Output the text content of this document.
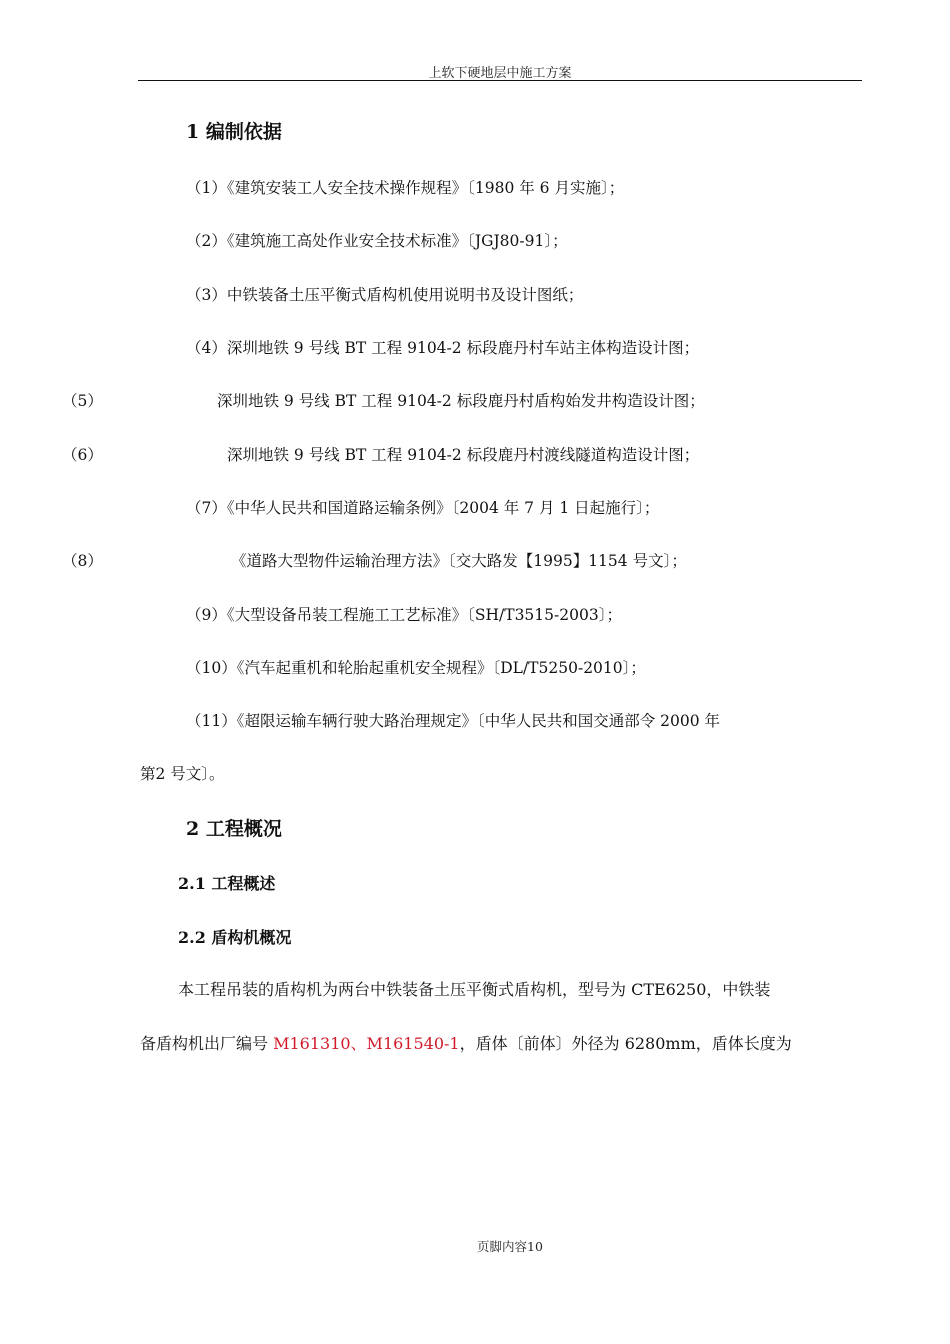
上软下硬地层中施工方案
1 编制依据
（1）《建筑安装工人安全技术操作规程》〔1980 年 6 月实施〕；
（2）《建筑施工高处作业安全技术标准》〔JGJ80-91〕；
（3）中铁装备土压平衡式盾构机使用说明书及设计图纸；
（4）深圳地铁 9 号线 BT 工程 9104-2 标段鹿丹村车站主体构造设计图；
（5）	深圳地铁 9 号线 BT 工程 9104-2 标段鹿丹村盾构始发井构造设计图；
（6）	深圳地铁 9 号线 BT 工程 9104-2 标段鹿丹村渡线隧道构造设计图；
（7）《中华人民共和国道路运输条例》〔2004 年 7 月 1 日起施行〕；
（8）	《道路大型物件运输治理方法》〔交大路发【1995】1154 号文〕；
（9）《大型设备吊装工程施工工艺标准》〔SH/T3515-2003〕；
（10）《汽车起重机和轮胎起重机安全规程》〔DL/T5250-2010〕；
（11）《超限运输车辆行驶大路治理规定》〔中华人民共和国交通部令 2000 年
第2 号文〕。
2 工程概况
2.1 工程概述
2.2 盾构机概况
本工程吊装的盾构机为两台中铁装备土压平衡式盾构机，型号为 CTE6250，中铁装
备盾构机出厂编号 M161310、M161540-1，盾体〔前体〕外径为 6280mm，盾体长度为
页脚内容10
